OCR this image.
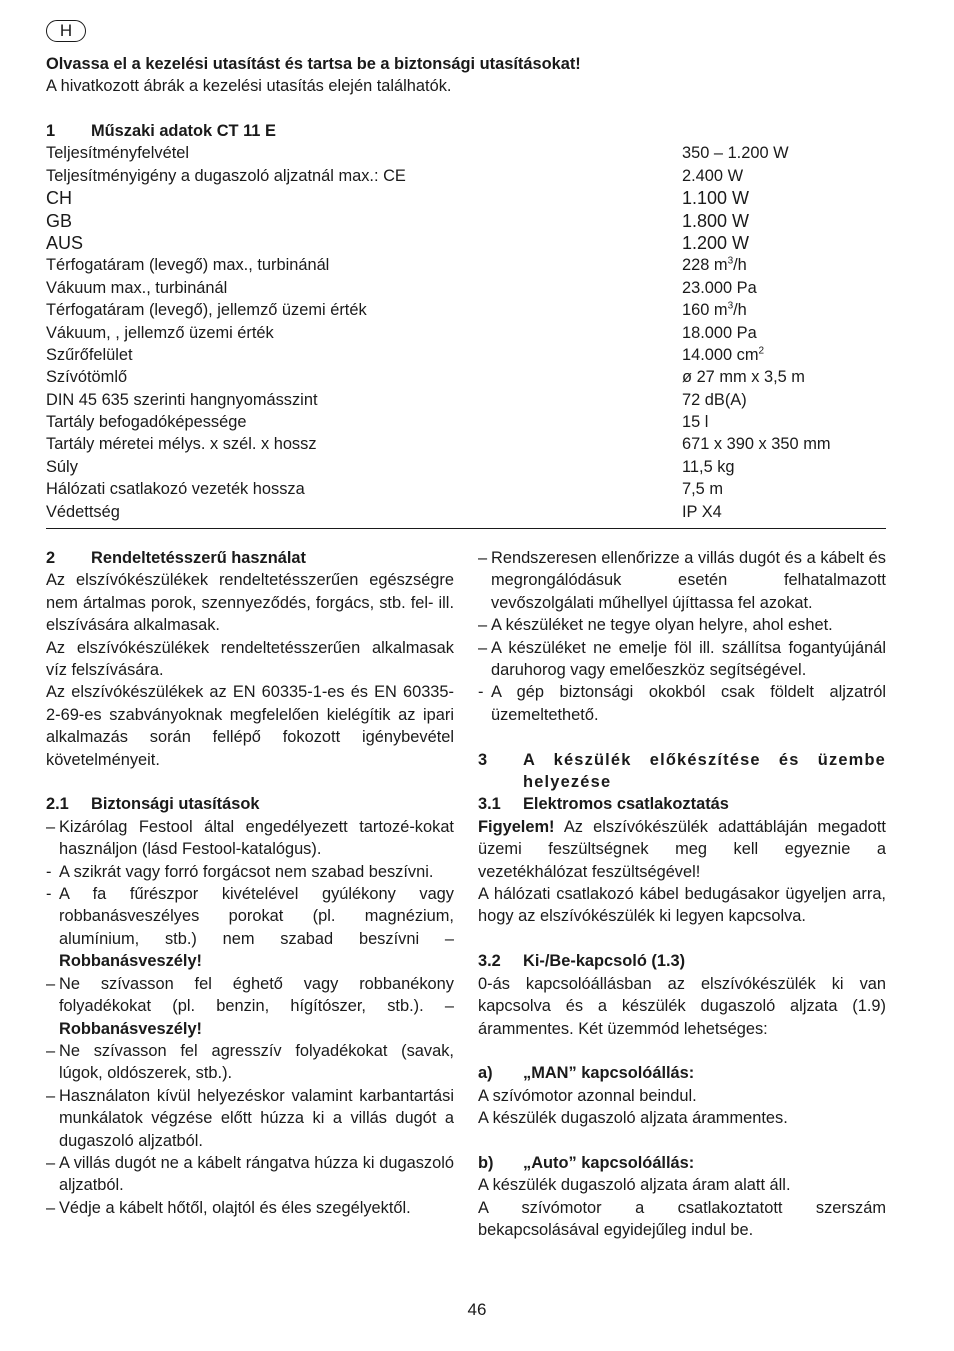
H
Olvassa el a kezelési utasítást és tartsa be a biztonsági utasításokat!
A hivatkozott ábrák a kezelési utasítás elején találhatók.
1 Műszaki adatok CT 11 E
Teljesítményfelvétel	350 – 1.200 W
Teljesítményigény a dugaszoló aljzatnál max.: CE	2.400 W
CH	1.100 W
GB	1.800 W
AUS	1.200 W
Térfogatáram (levegő) max., turbinánál	228 $m^3/h$
Vákuum max., turbinánál	23.000 Pa
Térfogatáram (levegő), jellemző üzemi érték	160 $m^3/h$
Vákuum, , jellemző üzemi érték	18.000 Pa
Szűrőfelület	14.000 $cm^2$
Szívótömlő	ø 27 mm x 3,5 m
DIN 45 635 szerinti hangnyomásszint	72 dB(A)
Tartály befogadóképessége	15 l
Tartály méretei mélys. x szél. x hossz	671 x 390 x 350 mm
Súly	11,5 kg
Hálózati csatlakozó vezeték hossza	7,5 m
Védettség	IP X4
2	Rendeltetésszerű használat
Az elszívókészülékek rendeltetésszerűen egészségre nem ártalmas porok, szennyeződés, forgács, stb. fel- ill. elszívására alkalmasak.
Az elszívókészülékek rendeltetésszerűen alkalmasak víz felszívására.
Az elszívókészülékek az EN 60335-1-es és EN 60335-2-69-es szabványoknak megfelelően kielégítik az ipari alkalmazás során fellépő fokozott igénybevétel követelményeit.
2.1	Biztonsági utasítások
– Kizárólag Festool által engedélyezett tartozé-kokat használjon (lásd Festool-katalógus).
- A szikrát vagy forró forgácsot nem szabad beszívni.
- A fa fűrészpor kivételével gyúlékony vagy robbanásveszélyes porokat (pl. magnézium, alumínium, stb.) nem szabad beszívni – Robbanásveszély!
– Ne szívasson fel éghető vagy robbanékony folyadékokat (pl. benzin, hígítószer, stb.). – Robbanásveszély!
– Ne szívasson fel agresszív folyadékokat (savak, lúgok, oldószerek, stb.).
– Használaton kívül helyezéskor valamint karbantartási munkálatok végzése előtt húzza ki a villás dugót a dugaszoló aljzatból.
– A villás dugót ne a kábelt rángatva húzza ki dugaszoló aljzatból.
– Védje a kábelt hőtől, olajtól és éles szegélyektől.
– Rendszeresen ellenőrizze a villás dugót és a kábelt és megrongálódásuk esetén felhatalmazott vevőszolgálati műhellyel újíttassa fel azokat.
– A készüléket ne tegye olyan helyre, ahol eshet.
– A készüléket ne emelje föl ill. szállítsa fogantyújánál daruhorog vagy emelőeszköz segítségével.
- A gép biztonsági okokból csak földelt aljzatról üzemeltethető.
3	A készülék előkészítése és üzembe helyezése
3.1	Elektromos csatlakoztatás
Figyelem! Az elszívókészülék adattábláján megadott üzemi feszültségnek meg kell egyeznie a vezetékhálózat feszültségével!
A hálózati csatlakozó kábel bedugásakor ügyeljen arra, hogy az elszívókészülék ki legyen kapcsolva.
3.2	Ki-/Be-kapcsoló (1.3)
0-ás kapcsolóállásban az elszívókészülék ki van kapcsolva és a készülék dugaszoló aljzata (1.9) árammentes. Két üzemmód lehetséges:
a)	„MAN” kapcsolóállás:
A szívómotor azonnal beindul.
A készülék dugaszoló aljzata árammentes.
b)	„Auto” kapcsolóállás:
A készülék dugaszoló aljzata áram alatt áll.
A szívómotor a csatlakoztatott szerszám bekapcsolásával egyidejűleg indul be.
46
